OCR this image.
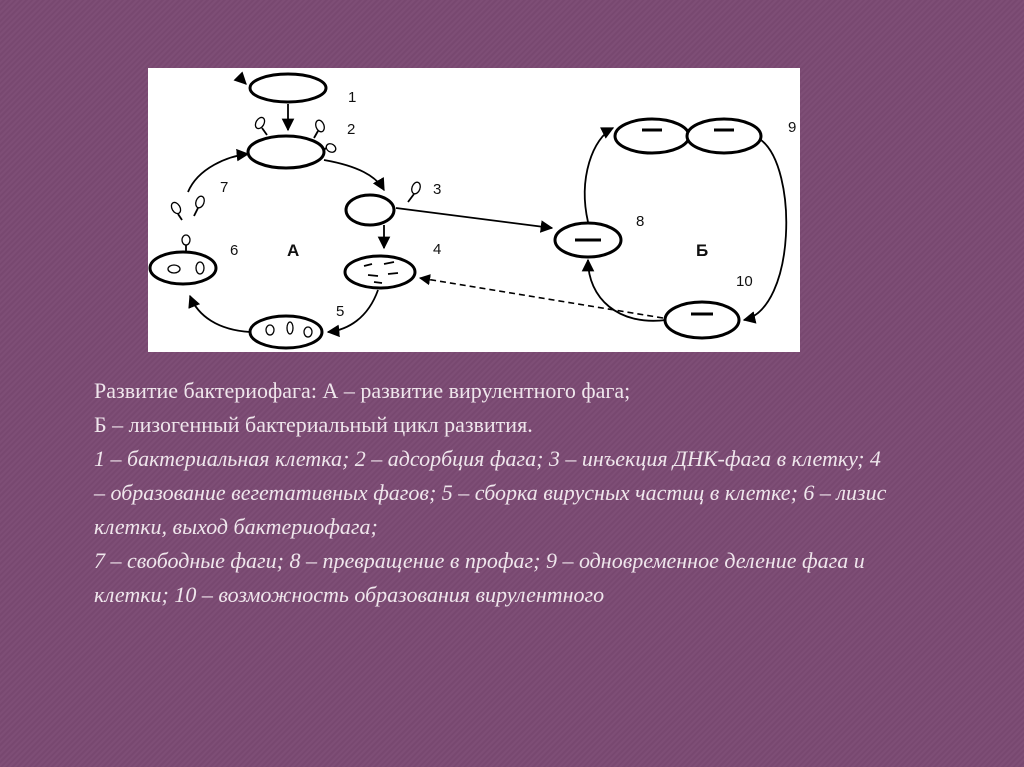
А	Б
1
2
3
4
5
6
7
8
9
10

Развитие бактериофага: А – развитие вирулентного фага;

Б – лизогенный бактериальный цикл развития.

1 – бактериальная клетка; 2 – адсорбция фага; 3 – инъекция ДНК-фага в клетку; 4 – образование вегетативных фагов; 5 – сборка вирусных частиц в клетке; 6 – лизис клетки, выход бактериофага;

7 – свободные фаги; 8 – превращение в профаг; 9 – одновременное деление фага и клетки; 10 – возможность образования вирулентного
